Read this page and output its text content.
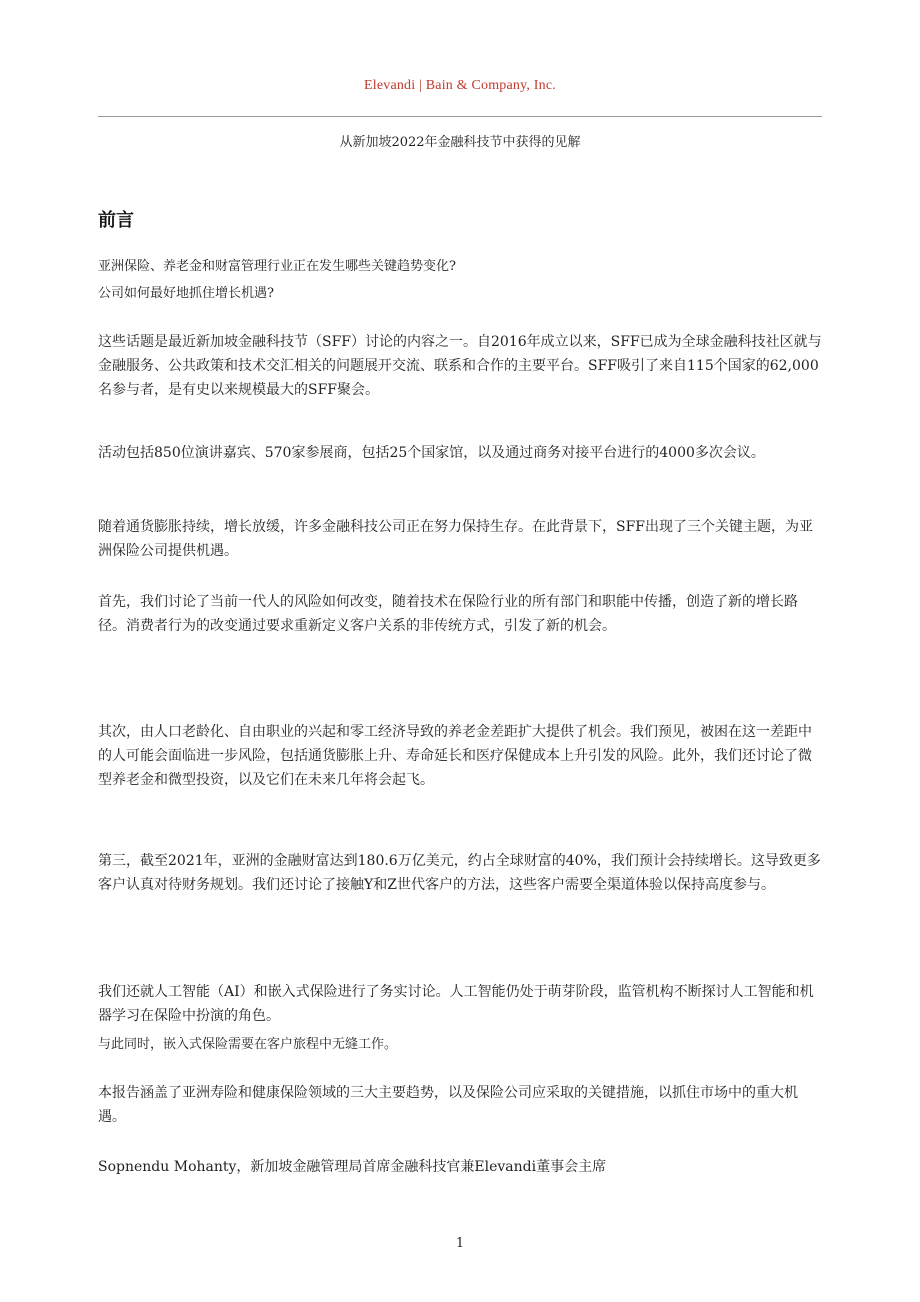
Elevandi | Bain & Company, Inc.
从新加坡2022年金融科技节中获得的见解
前言

亚洲保险、养老金和财富管理行业正在发生哪些关键趋势变化?

公司如何最好地抓住增长机遇?

这些话题是最近新加坡金融科技节（SFF）讨论的内容之一。自2016年成立以来，SFF已成为全球金融科技社区就与金融服务、公共政策和技术交汇相关的问题展开交流、联系和合作的主要平台。SFF吸引了来自115个国家的62,000名参与者，是有史以来规模最大的SFF聚会。

活动包括850位演讲嘉宾、570家参展商，包括25个国家馆，以及通过商务对接平台进行的4000多次会议。

随着通货膨胀持续，增长放缓，许多金融科技公司正在努力保持生存。在此背景下，SFF出现了三个关键主题，为亚洲保险公司提供机遇。

首先，我们讨论了当前一代人的风险如何改变，随着技术在保险行业的所有部门和职能中传播，创造了新的增长路径。消费者行为的改变通过要求重新定义客户关系的非传统方式，引发了新的机会。

其次，由人口老龄化、自由职业的兴起和零工经济导致的养老金差距扩大提供了机会。我们预见，被困在这一差距中的人可能会面临进一步风险，包括通货膨胀上升、寿命延长和医疗保健成本上升引发的风险。此外，我们还讨论了微型养老金和微型投资，以及它们在未来几年将会起飞。

第三，截至2021年，亚洲的金融财富达到180.6万亿美元，约占全球财富的40%，我们预计会持续增长。这导致更多客户认真对待财务规划。我们还讨论了接触Y和Z世代客户的方法，这些客户需要全渠道体验以保持高度参与。

我们还就人工智能（AI）和嵌入式保险进行了务实讨论。人工智能仍处于萌芽阶段，监管机构不断探讨人工智能和机器学习在保险中扮演的角色。

与此同时，嵌入式保险需要在客户旅程中无缝工作。

本报告涵盖了亚洲寿险和健康保险领域的三大主要趋势，以及保险公司应采取的关键措施，以抓住市场中的重大机遇。

Sopnendu Mohanty，新加坡金融管理局首席金融科技官兼Elevandi董事会主席

1
